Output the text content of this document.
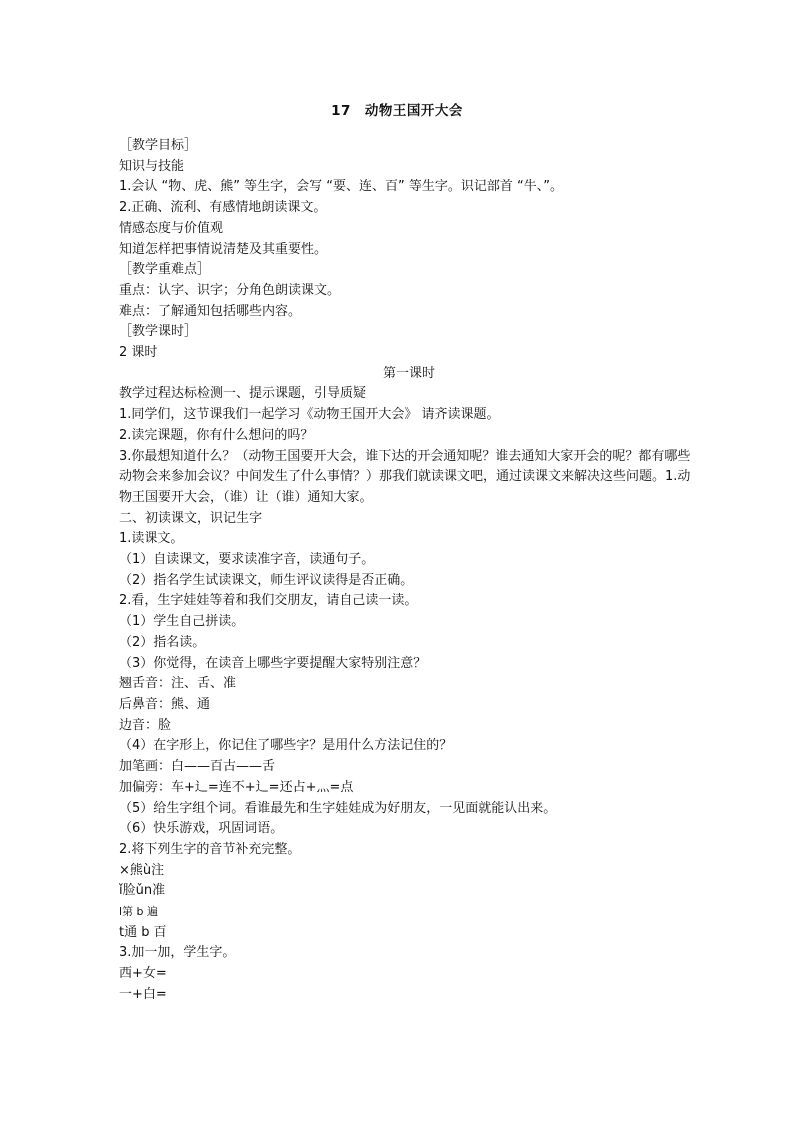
17 动物王国开大会
［教学目标］
知识与技能
1.会认 “物、虎、熊” 等生字，会写 “要、连、百” 等生字。识记部首 “牛、”。
2.正确、流利、有感情地朗读课文。
情感态度与价值观
知道怎样把事情说清楚及其重要性。
［教学重难点］
重点：认字、识字；分角色朗读课文。
难点：了解通知包括哪些内容。
［教学课时］
2 课时
第一课时
教学过程达标检测一、提示课题，引导质疑
1.同学们，这节课我们一起学习《动物王国开大会》 请齐读课题。
2.读完课题，你有什么想问的吗？
3.你最想知道什么？（动物王国要开大会，谁下达的开会通知呢？谁去通知大家开会的呢？都有哪些动物会来参加会议？中间发生了什么事情？）那我们就读课文吧，通过读课文来解决这些问题。1.动物王国要开大会，（谁）让（谁）通知大家。
二、初读课文，识记生字
1.读课文。
（1）自读课文，要求读准字音，读通句子。
（2）指名学生试读课文，师生评议读得是否正确。
2.看，生字娃娃等着和我们交朋友，请自己读一读。
（1）学生自己拼读。
（2）指名读。
（3）你觉得，在读音上哪些字要提醒大家特别注意？
翘舌音：注、舌、准
后鼻音：熊、通
边音：脸
（4）在字形上，你记住了哪些字？是用什么方法记住的？
加笔画：白——百古——舌
加偏旁：车+辶=连不+辶=还占+灬=点
（5）给生字组个词。看谁最先和生字娃娃成为好朋友，一见面就能认出来。
（6）快乐游戏，巩固词语。
2.将下列生字的音节补充完整。
×熊ù注
ǐ脸ǔn准
l第 b 遍
t通 b 百
3.加一加，学生字。
西+女=
一+白=
